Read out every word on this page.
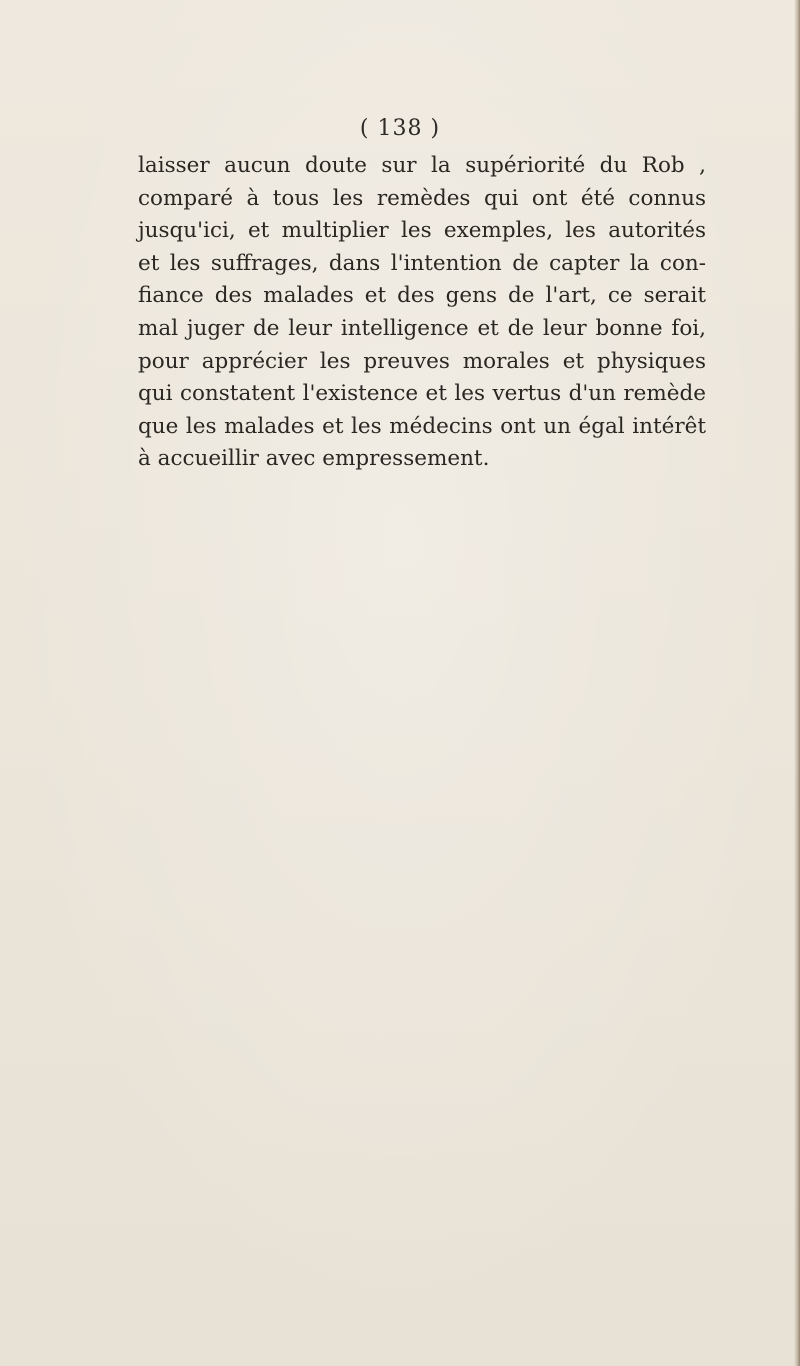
( 138 )
laisser aucun doute sur la supériorité du Rob ,
comparé à tous les remèdes qui ont été connus
jusqu'ici, et multiplier les exemples, les autorités
et les suffrages, dans l'intention de capter la con-
fiance des malades et des gens de l'art, ce serait
mal juger de leur intelligence et de leur bonne foi,
pour apprécier les preuves morales et physiques
qui constatent l'existence et les vertus d'un remède
que les malades et les médecins ont un égal intérêt
à accueillir avec empressement.
